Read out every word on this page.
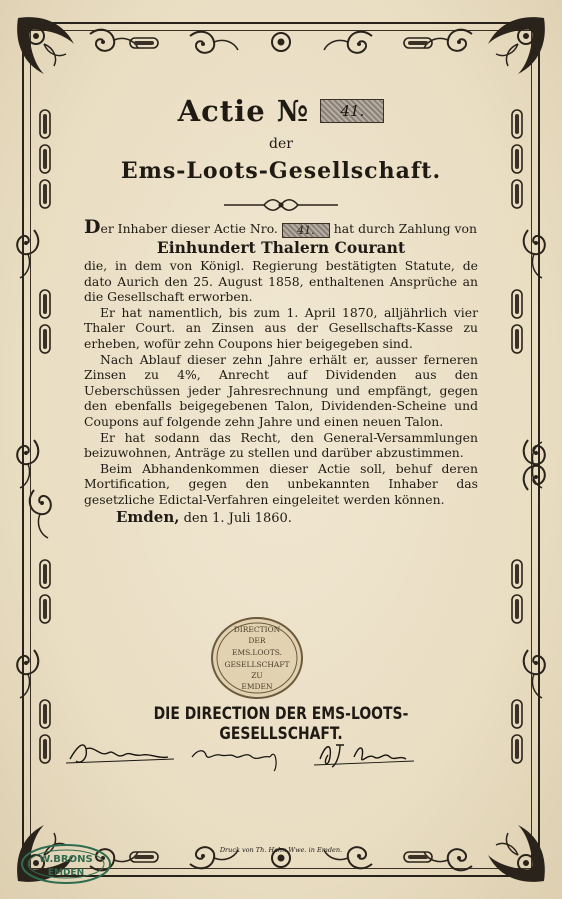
Actie № 41.
der
Ems-Loots-Gesellschaft.

Der Inhaber dieser Actie Nro. 41. hat durch Zahlung von

Einhundert Thalern Courant

die, in dem von Königl. Regierung bestätigten Statute, de dato Aurich den 25. August 1858, enthaltenen Ansprüche an die Gesellschaft erworben.

Er hat namentlich, bis zum 1. April 1870, alljährlich vier Thaler Court. an Zinsen aus der Gesellschafts-Kasse zu erheben, wofür zehn Coupons hier beigegeben sind.

Nach Ablauf dieser zehn Jahre erhält er, ausser ferneren Zinsen zu 4%, Anrecht auf Dividenden aus den Ueberschüssen jeder Jahresrechnung und empfängt, gegen den ebenfalls beigegebenen Talon, Dividenden-Scheine und Coupons auf folgende zehn Jahre und einen neuen Talon.

Er hat sodann das Recht, den General-Versammlungen beizuwohnen, Anträge zu stellen und darüber abzustimmen.

Beim Abhandenkommen dieser Actie soll, behuf deren Mortification, gegen den unbekannten Inhaber das gesetzliche Edictal-Verfahren eingeleitet werden können.

Emden, den 1. Juli 1860.

DIRECTION
DER
EMS.LOOTS.
GESELLSCHAFT
ZU
EMDEN
DIE DIRECTION DER EMS-LOOTS-GESELLSCHAFT.
Druck von Th. Hahn Wwe. in Emden.
W.BRONS
EMDEN
